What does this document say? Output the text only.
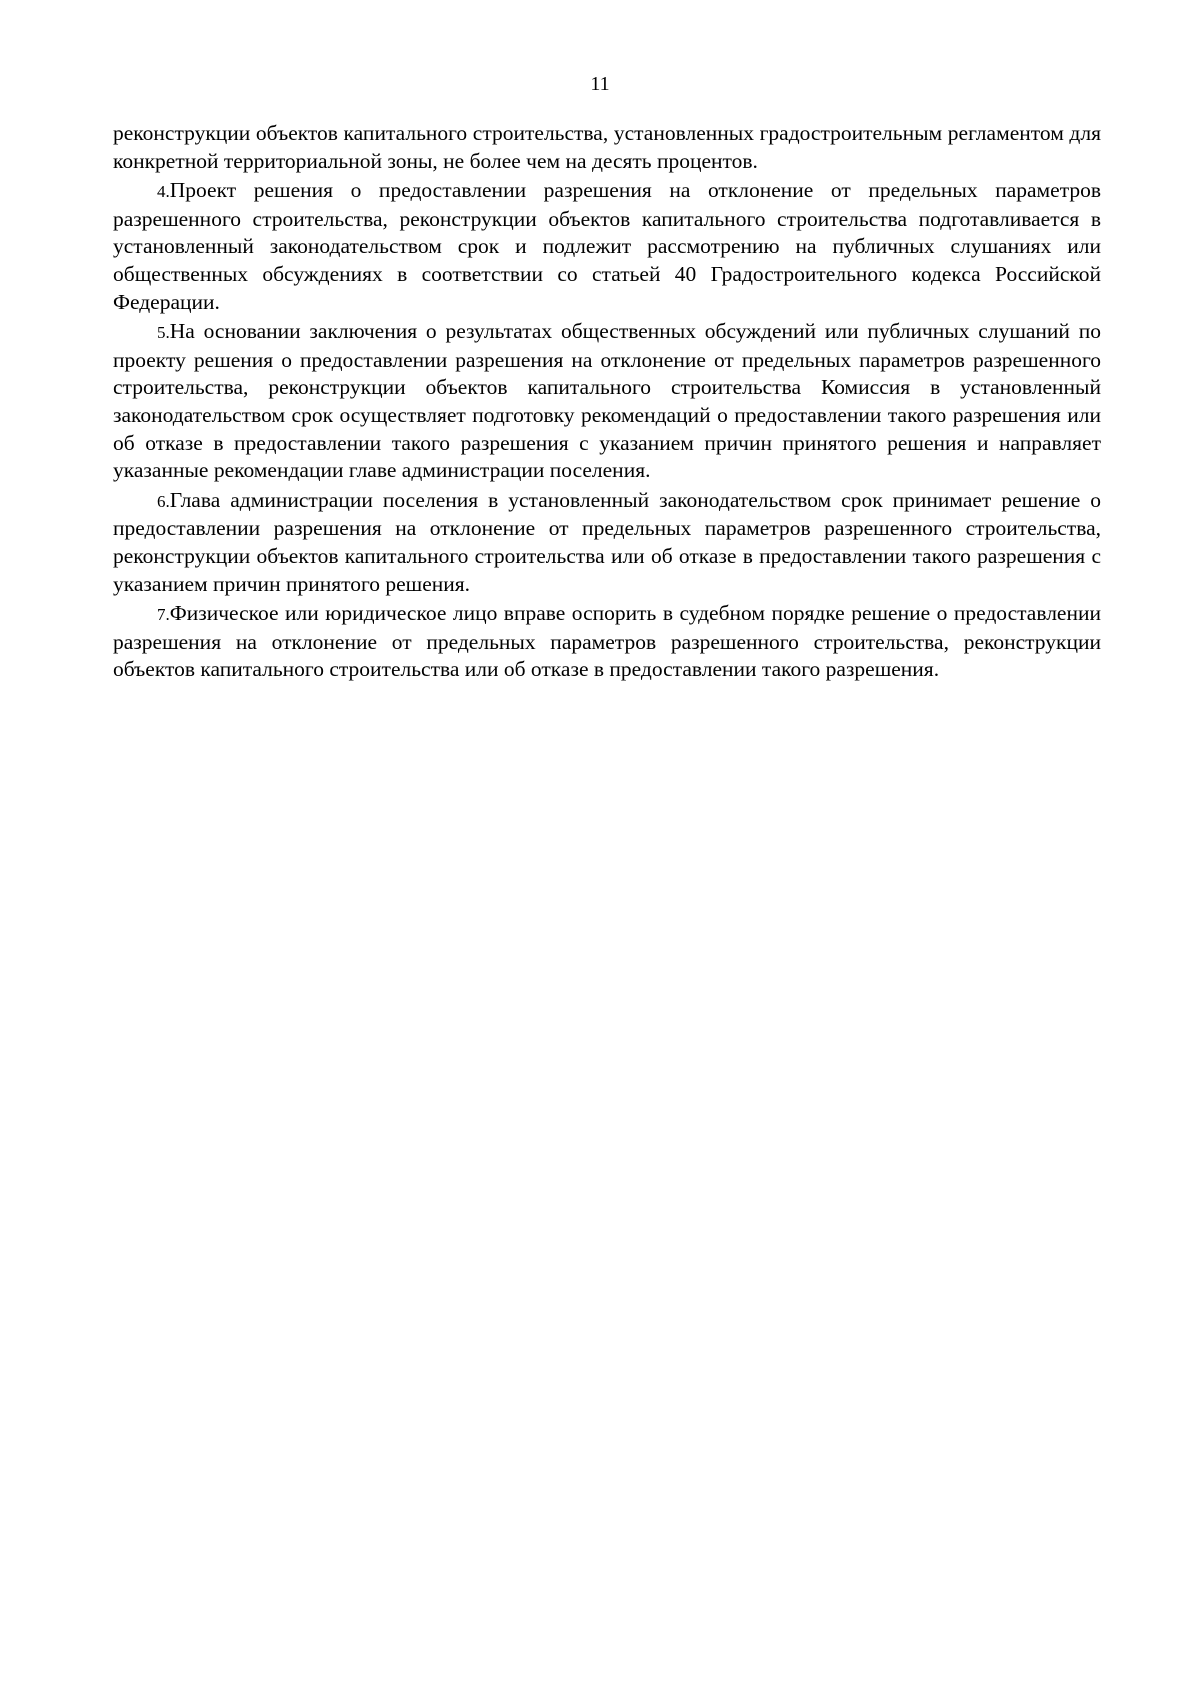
11

реконструкции объектов капитального строительства, установленных градостроительным регламентом для конкретной территориальной зоны, не более чем на десять процентов.

4.Проект решения о предоставлении разрешения на отклонение от предельных параметров разрешенного строительства, реконструкции объектов капитального строительства подготавливается в установленный законодательством срок и подлежит рассмотрению на публичных слушаниях или общественных обсуждениях в соответствии со статьей 40 Градостроительного кодекса Российской Федерации.

5.На основании заключения о результатах общественных обсуждений или публичных слушаний по проекту решения о предоставлении разрешения на отклонение от предельных параметров разрешенного строительства, реконструкции объектов капитального строительства Комиссия в установленный законодательством срок осуществляет подготовку рекомендаций о предоставлении такого разрешения или об отказе в предоставлении такого разрешения с указанием причин принятого решения и направляет указанные рекомендации главе администрации поселения.

6.Глава администрации поселения в установленный законодательством срок принимает решение о предоставлении разрешения на отклонение от предельных параметров разрешенного строительства, реконструкции объектов капитального строительства или об отказе в предоставлении такого разрешения с указанием причин принятого решения.

7.Физическое или юридическое лицо вправе оспорить в судебном порядке решение о предоставлении разрешения на отклонение от предельных параметров разрешенного строительства, реконструкции объектов капитального строительства или об отказе в предоставлении такого разрешения.
